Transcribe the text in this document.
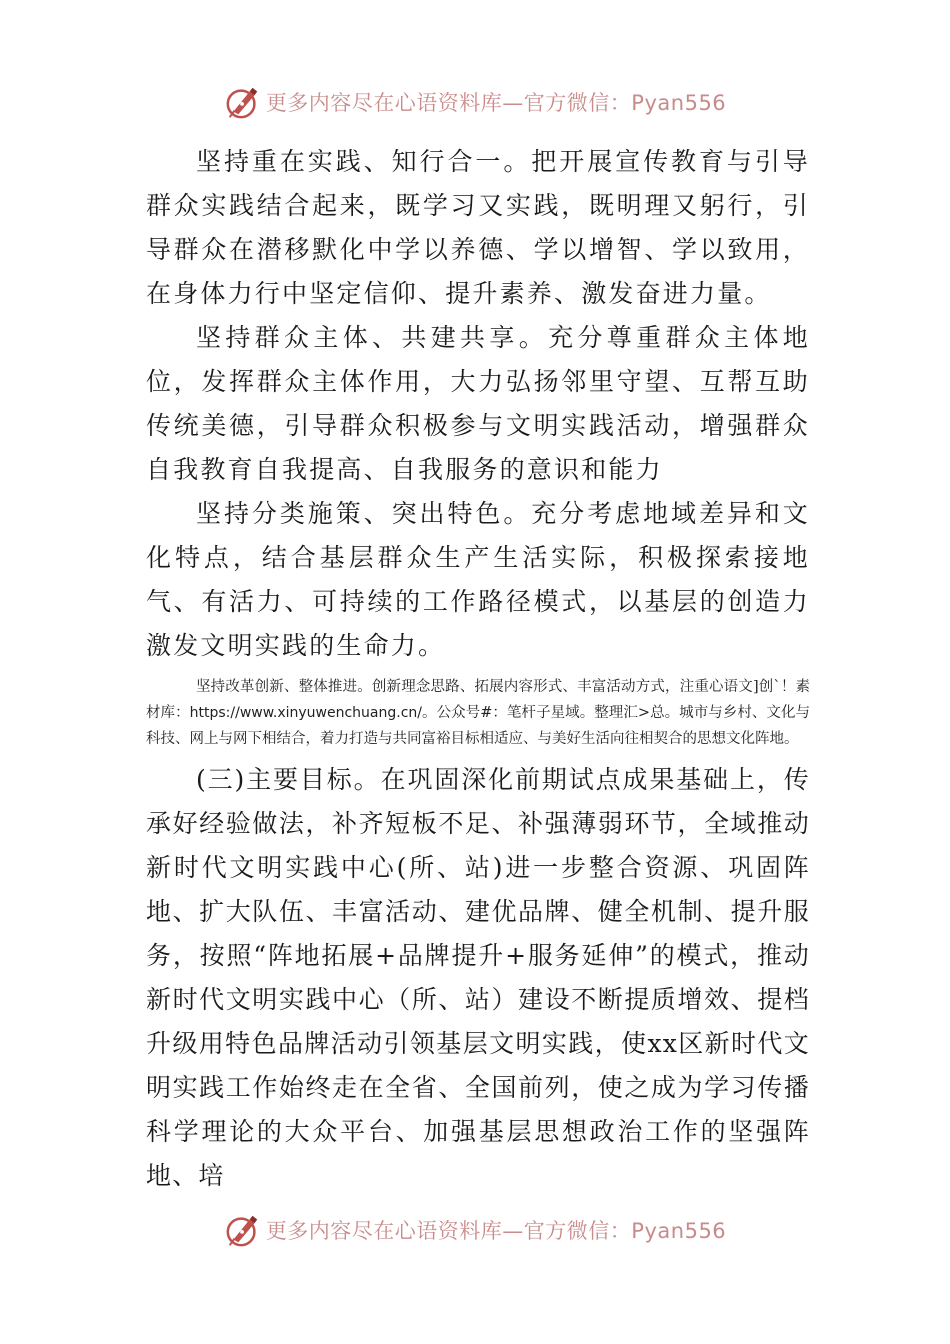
更多内容尽在心语资料库—官方微信：Pyan556

坚持重在实践、知行合一。把开展宣传教育与引导群众实践结合起来，既学习又实践，既明理又躬行，引导群众在潜移默化中学以养德、学以增智、学以致用，在身体力行中坚定信仰、提升素养、激发奋进力量。

坚持群众主体、共建共享。充分尊重群众主体地位，发挥群众主体作用，大力弘扬邻里守望、互帮互助传统美德，引导群众积极参与文明实践活动，增强群众自我教育自我提高、自我服务的意识和能力

坚持分类施策、突出特色。充分考虑地域差异和文化特点，结合基层群众生产生活实际，积极探索接地气、有活力、可持续的工作路径模式，以基层的创造力激发文明实践的生命力。

坚持改革创新、整体推进。创新理念思路、拓展内容形式、丰富活动方式，注重心语文]创`！素材库：https://www.xinyuwenchuang.cn/。公众号#：笔杆子星域。整理汇>总。城市与乡村、文化与科技、网上与网下相结合，着力打造与共同富裕目标相适应、与美好生活向往相契合的思想文化阵地。

(三)主要目标。在巩固深化前期试点成果基础上，传承好经验做法，补齐短板不足、补强薄弱环节，全域推动新时代文明实践中心(所、站)进一步整合资源、巩固阵地、扩大队伍、丰富活动、建优品牌、健全机制、提升服务，按照“阵地拓展+品牌提升+服务延伸”的模式，推动新时代文明实践中心（所、站）建设不断提质增效、提档升级用特色品牌活动引领基层文明实践，使xx区新时代文明实践工作始终走在全省、全国前列，使之成为学习传播科学理论的大众平台、加强基层思想政治工作的坚强阵地、培

更多内容尽在心语资料库—官方微信：Pyan556
